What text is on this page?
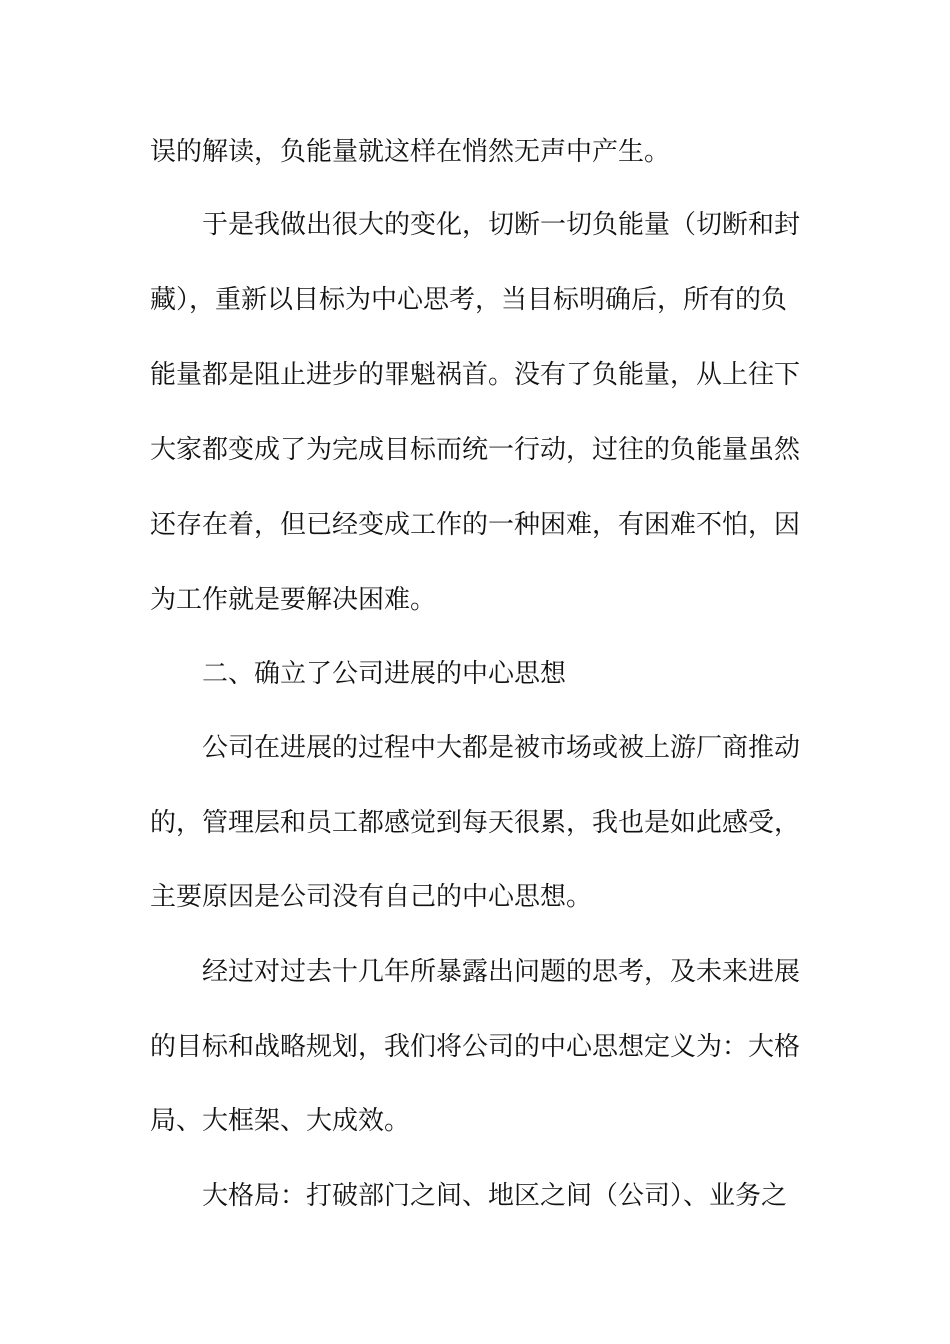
误的解读，负能量就这样在悄然无声中产生。
于是我做出很大的变化，切断一切负能量（切断和封
藏），重新以目标为中心思考，当目标明确后，所有的负
能量都是阻止进步的罪魁祸首。没有了负能量，从上往下
大家都变成了为完成目标而统一行动，过往的负能量虽然
还存在着，但已经变成工作的一种困难，有困难不怕，因
为工作就是要解决困难。
二、确立了公司进展的中心思想
公司在进展的过程中大都是被市场或被上游厂商推动
的，管理层和员工都感觉到每天很累，我也是如此感受，
主要原因是公司没有自己的中心思想。
经过对过去十几年所暴露出问题的思考，及未来进展
的目标和战略规划，我们将公司的中心思想定义为：大格
局、大框架、大成效。
大格局：打破部门之间、地区之间（公司）、业务之
